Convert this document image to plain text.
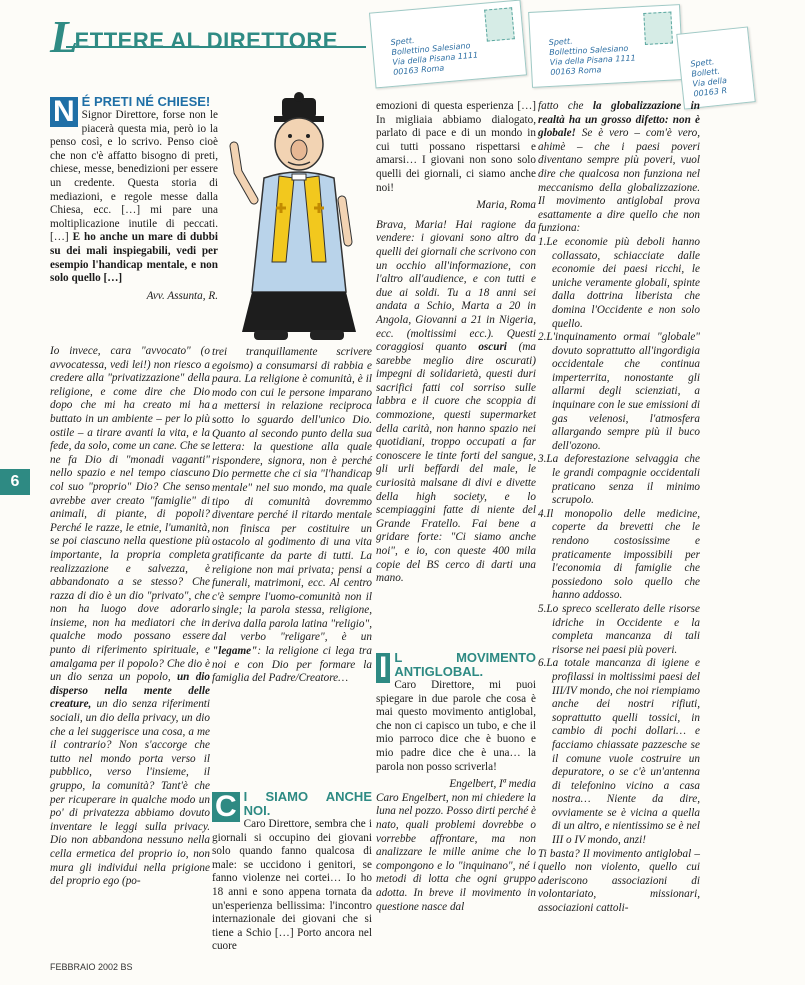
L
ETTERE AL DIRETTORE	Spett.
Bollettino Salesiano
Via della Pisana 1111
00163 Roma
Spett.
Bollettino Salesiano
Via della Pisana 1111
00163 Roma
Spett.
Bollett.
Via della
00163 R
N É PRETI NÉ CHIESE!
Signor Direttore, forse non le piacerà questa mia, però io la penso così, e lo scrivo. Penso cioè che non c'è affatto bisogno di preti, chiese, messe, benedizioni per essere un credente. Questa storia di mediazioni, e regole messe dalla Chiesa, ecc. […] mi pare una moltiplicazione inutile di peccati. […] E ho anche un mare di dubbi su dei mali inspiegabili, vedi per esempio l'handicap mentale, e non solo quello […]

Avv. Assunta, R.

Io invece, cara "avvocato" (o avvocatessa, vedi lei!) non riesco a credere alla "privatizzazione" della religione, e come dire che Dio dopo che mi ha creato mi ha buttato in un ambiente – per lo più ostile – a tirare avanti la vita, e la fede, da solo, come un cane. Che se ne fa Dio di "monadi vaganti" nello spazio e nel tempo ciascuno col suo "proprio" Dio? Che senso avrebbe aver creato "famiglie" di animali, di piante, di popoli? Perché le razze, le etnie, l'umanità, se poi ciascuno nella questione più importante, la propria completa realizzazione e salvezza, è abbandonato a se stesso? Che razza di dio è un dio "privato", che non ha luogo dove adorarlo insieme, non ha mediatori che in qualche modo possano essere punto di riferimento spirituale, e amalgama per il popolo? Che dio è un dio senza un popolo, un dio disperso nella mente delle creature, un dio senza riferimenti sociali, un dio della privacy, un dio che a lei suggerisce una cosa, a me il contrario? Non s'accorge che tutto nel mondo porta verso il pubblico, verso l'insieme, il gruppo, la comunità? Tant'è che per ricuperare in qualche modo un po' di privatezza abbiamo dovuto inventare le leggi sulla privacy. Dio non abbandona nessuno nella cella ermetica del proprio io, non mura gli individui nella prigione del proprio ego (po-
trei tranquillamente scrivere egoismo) a consumarsi di rabbia e paura. La religione è comunità, è il modo con cui le persone imparano a mettersi in relazione reciproca sotto lo sguardo dell'unico Dio. Quanto al secondo punto della sua lettera: la questione alla quale rispondere, signora, non è perché Dio permette che ci sia "l'handicap mentale" nel suo mondo, ma quale tipo di comunità dovremmo diventare perché il ritardo mentale non finisca per costituire un ostacolo al godimento di una vita gratificante da parte di tutti. La religione non mai privata; pensi a funerali, matrimoni, ecc. Al centro c'è sempre l'uomo-comunità non il single; la parola stessa, religione, deriva dalla parola latina "religio", dal verbo "religare", è un "legame": la religione ci lega tra noi e con Dio per formare la famiglia del Padre/Creatore…
C I SIAMO ANCHE NOI.
Caro Direttore, sembra che i giornali si occupino dei giovani solo quando fanno qualcosa di male: se uccidono i genitori, se fanno violenze nei cortei… Io ho 18 anni e sono appena tornata da un'esperienza bellissima: l'incontro internazionale dei giovani che si tiene a Schio […] Porto ancora nel cuore

emozioni di questa esperienza […] In migliaia abbiamo dialogato, parlato di pace e di un mondo in cui tutti possano rispettarsi e amarsi… I giovani non sono solo quelli dei giornali, ci siamo anche noi!

Maria, Roma

Brava, Maria! Hai ragione da vendere: i giovani sono altro da quelli dei giornali che scrivono con un occhio all'informazione, con l'altro all'audience, e con tutti e due ai soldi. Tu a 18 anni sei andata a Schio, Marta a 20 in Angola, Giovanni a 21 in Nigeria, ecc. (moltissimi ecc.). Questi coraggiosi quanto oscuri (ma sarebbe meglio dire oscurati) impegni di solidarietà, questi duri sacrifici fatti col sorriso sulle labbra e il cuore che scoppia di commozione, questi supermarket della carità, non hanno spazio nei quotidiani, troppo occupati a far conoscere le tinte forti del sangue, gli urli beffardi del male, le curiosità malsane di divi e divette della high society, e lo scempiaggini fatte di niente del Grande Fratello. Fai bene a gridare forte: "Ci siamo anche noi", e io, con queste 400 mila copie del BS cerco di darti una mano.

I L MOVIMENTO ANTIGLOBAL.
Caro Direttore, mi puoi spiegare in due parole che cosa è mai questo movimento antiglobal, che non ci capisco un tubo, e che il mio parroco dice che è buono e mio padre dice che è una… la parola non posso scriverla!

Engelbert, Iª media

Caro Engelbert, non mi chiedere la luna nel pozzo. Posso dirti perché è nato, quali problemi dovrebbe o vorrebbe affrontare, ma non analizzare le mille anime che lo compongono e lo "inquinano", né i metodi di lotta che ogni gruppo adotta. In breve il movimento in questione nasce dal

fatto che la globalizzazione in realtà ha un grosso difetto: non è globale! Se è vero – com'è vero, ahimè – che i paesi poveri diventano sempre più poveri, vuol dire che qualcosa non funziona nel meccanismo della globalizzazione. Il movimento antiglobal prova esattamente a dire quello che non funziona:

1.Le economie più deboli hanno collassato, schiacciate dalle economie dei paesi ricchi, le uniche veramente globali, spinte dalla dottrina liberista che domina l'Occidente e non solo quello.

2.L'inquinamento ormai "globale" dovuto soprattutto all'ingordigia occidentale che continua imperterrita, nonostante gli allarmi degli scienziati, a inquinare con le sue emissioni di gas velenosi, l'atmosfera allargando sempre più il buco dell'ozono.

3.La deforestazione selvaggia che le grandi compagnie occidentali praticano senza il minimo scrupolo.

4.Il monopolio delle medicine, coperte da brevetti che le rendono costosissime e praticamente impossibili per l'economia di famiglie che possiedono solo quello che hanno addosso.

5.Lo spreco scellerato delle risorse idriche in Occidente e la completa mancanza di tali risorse nei paesi più poveri.

6.La totale mancanza di igiene e profilassi in moltissimi paesi del III/IV mondo, che noi riempiamo anche dei nostri rifiuti, soprattutto quelli tossici, in cambio di pochi dollari… e facciamo chiassate pazzesche se il comune vuole costruire un depuratore, o se c'è un'antenna di telefonino vicino a casa nostra… Niente da dire, ovviamente se è vicina a quella di un altro, e nientissimo se è nel III o IV mondo, anzi!

Ti basta? Il movimento antiglobal – quello non violento, quello cui aderiscono associazioni di volontariato, missionari, associazioni cattoli-

6
FEBBRAIO 2002 BS
